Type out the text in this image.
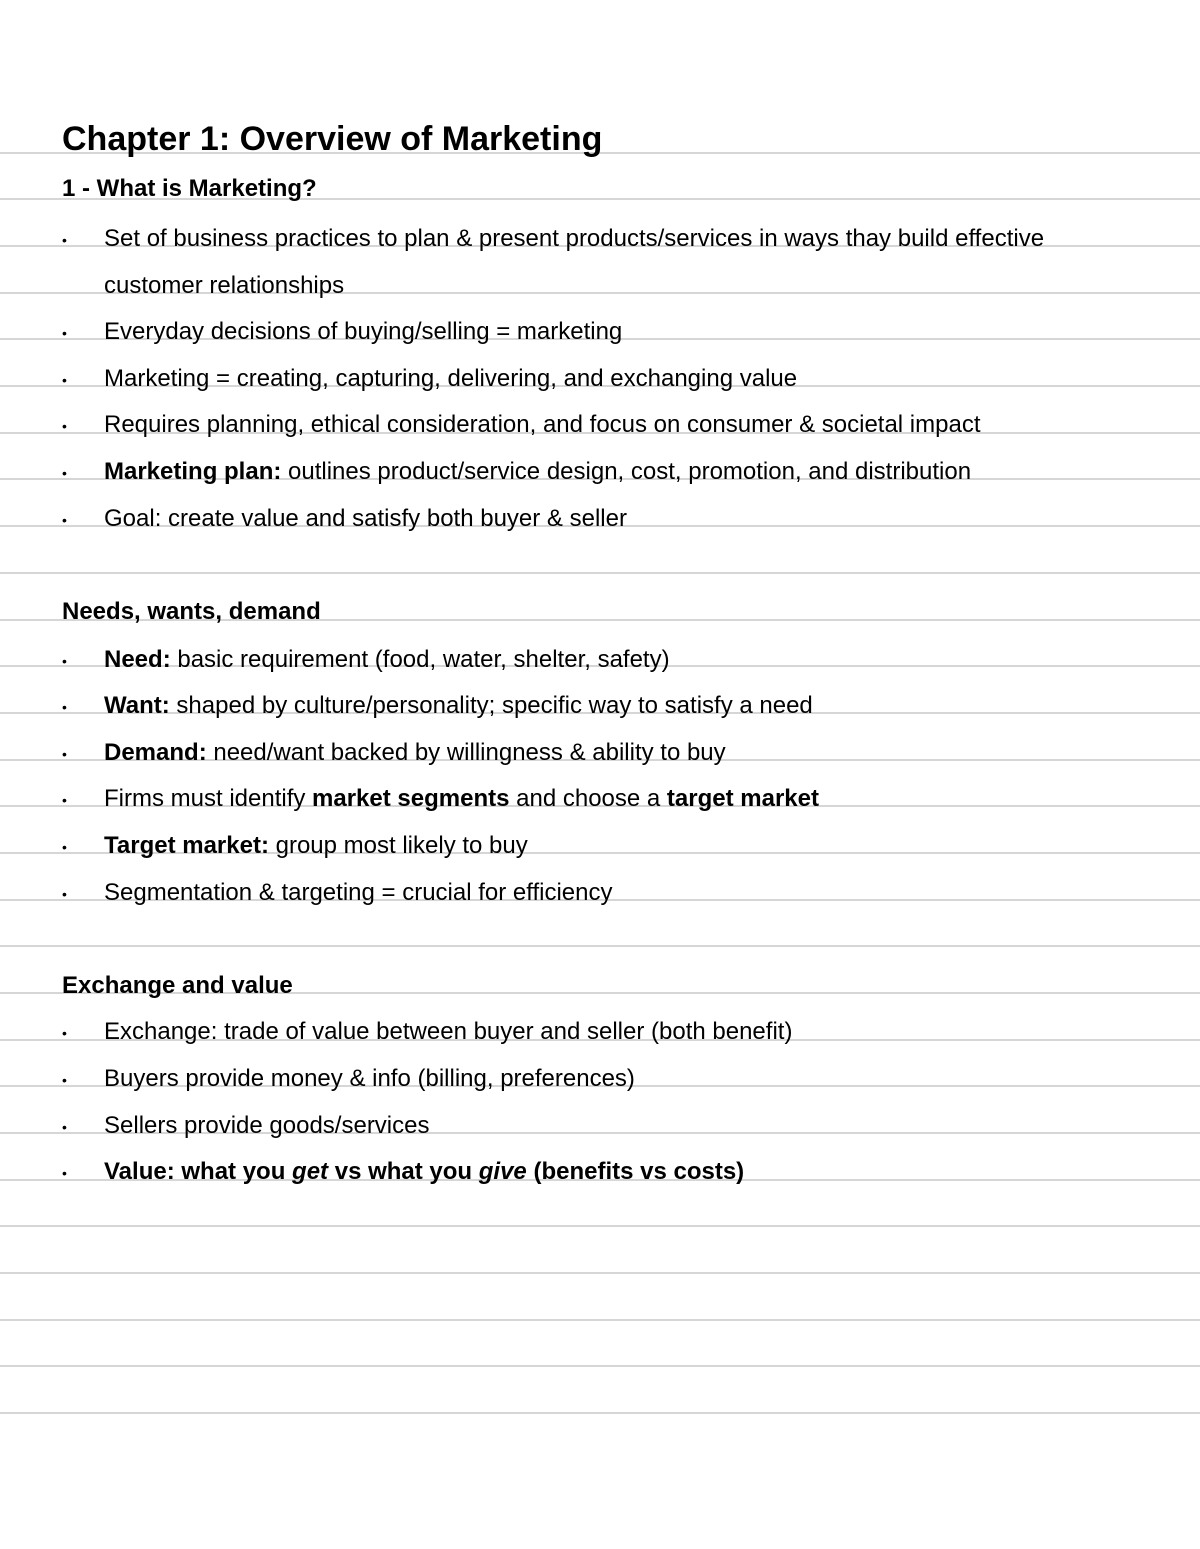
Chapter 1: Overview of Marketing
1 - What is Marketing?
• Set of business practices to plan & present products/services in ways thay build effective
customer relationships
• Everyday decisions of buying/selling = marketing
• Marketing = creating, capturing, delivering, and exchanging value
• Requires planning, ethical consideration, and focus on consumer & societal impact
• Marketing plan: outlines product/service design, cost, promotion, and distribution
• Goal: create value and satisfy both buyer & seller
Needs, wants, demand
• Need: basic requirement (food, water, shelter, safety)
• Want: shaped by culture/personality; specific way to satisfy a need
• Demand: need/want backed by willingness & ability to buy
• Firms must identify market segments and choose a target market
• Target market: group most likely to buy
• Segmentation & targeting = crucial for efficiency
Exchange and value
• Exchange: trade of value between buyer and seller (both benefit)
• Buyers provide money & info (billing, preferences)
• Sellers provide goods/services
• Value: what you get vs what you give (benefits vs costs)
